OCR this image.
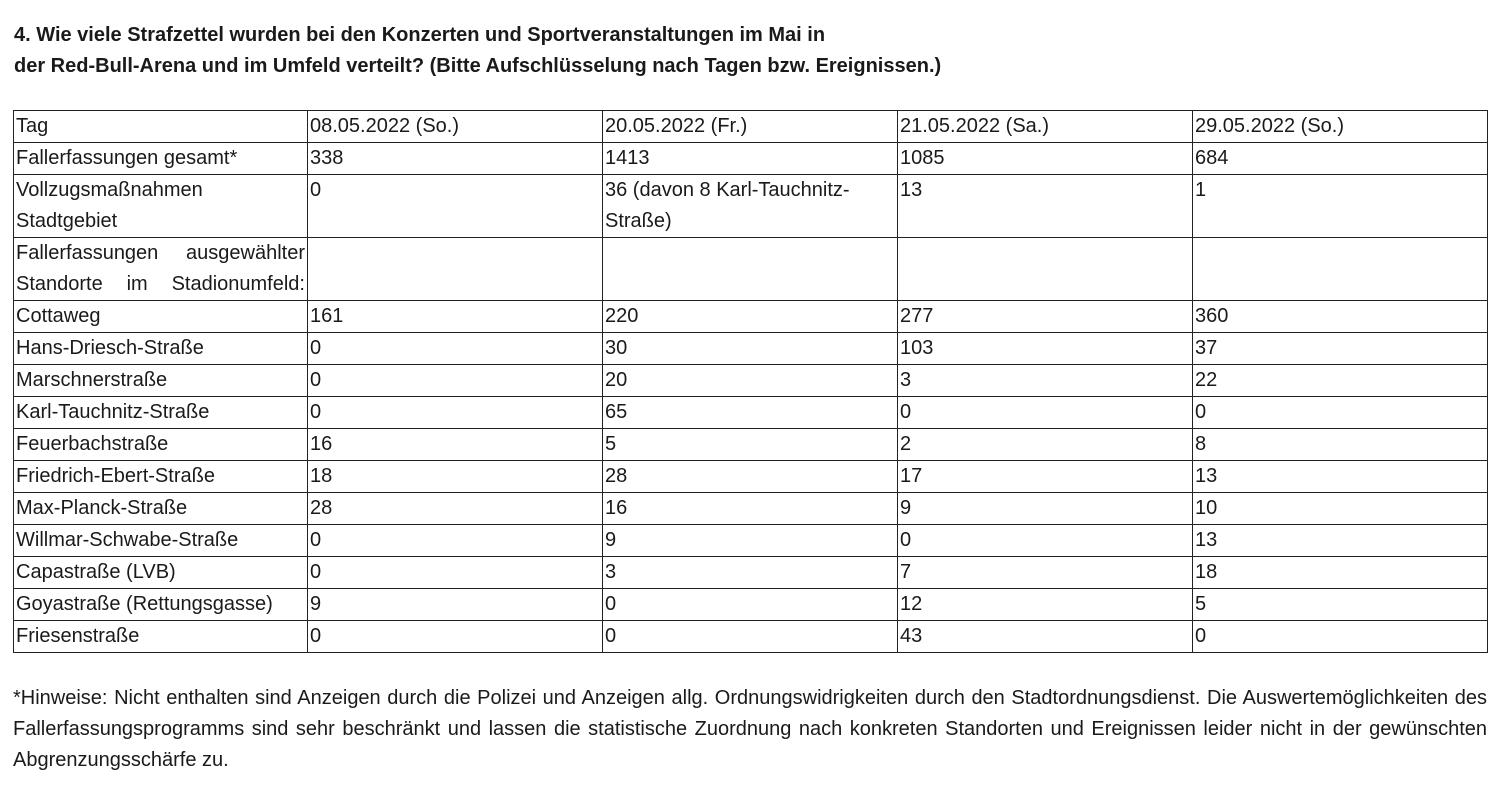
4. Wie viele Strafzettel wurden bei den Konzerten und Sportveranstaltungen im Mai in
der Red-Bull-Arena und im Umfeld verteilt? (Bitte Aufschlüsselung nach Tagen bzw. Ereignissen.)
Tag	08.05.2022 (So.)	20.05.2022 (Fr.)	21.05.2022 (Sa.)	29.05.2022 (So.)
Fallerfassungen gesamt*	338	1413	1085	684
Vollzugsmaßnahmen Stadtgebiet	0	36 (davon 8 Karl-Tauchnitz-Straße)	13	1

Fallerfassungen ausgewählter Standorte im Stadionumfeld:				

Cottaweg	161	220	277	360
Hans-Driesch-Straße	0	30	103	37
Marschnerstraße	0	20	3	22
Karl-Tauchnitz-Straße	0	65	0	0
Feuerbachstraße	16	5	2	8
Friedrich-Ebert-Straße	18	28	17	13
Max-Planck-Straße	28	16	9	10
Willmar-Schwabe-Straße	0	9	0	13
Capastraße (LVB)	0	3	7	18
Goyastraße (Rettungsgasse)	9	0	12	5
Friesenstraße	0	0	43	0
*Hinweise: Nicht enthalten sind Anzeigen durch die Polizei und Anzeigen allg. Ordnungswidrigkeiten durch den Stadtordnungsdienst. Die Auswertemöglichkeiten des Fallerfassungsprogramms sind sehr beschränkt und lassen die statistische Zuordnung nach konkreten Standorten und Ereignissen leider nicht in der gewünschten Abgrenzungsschärfe zu.
